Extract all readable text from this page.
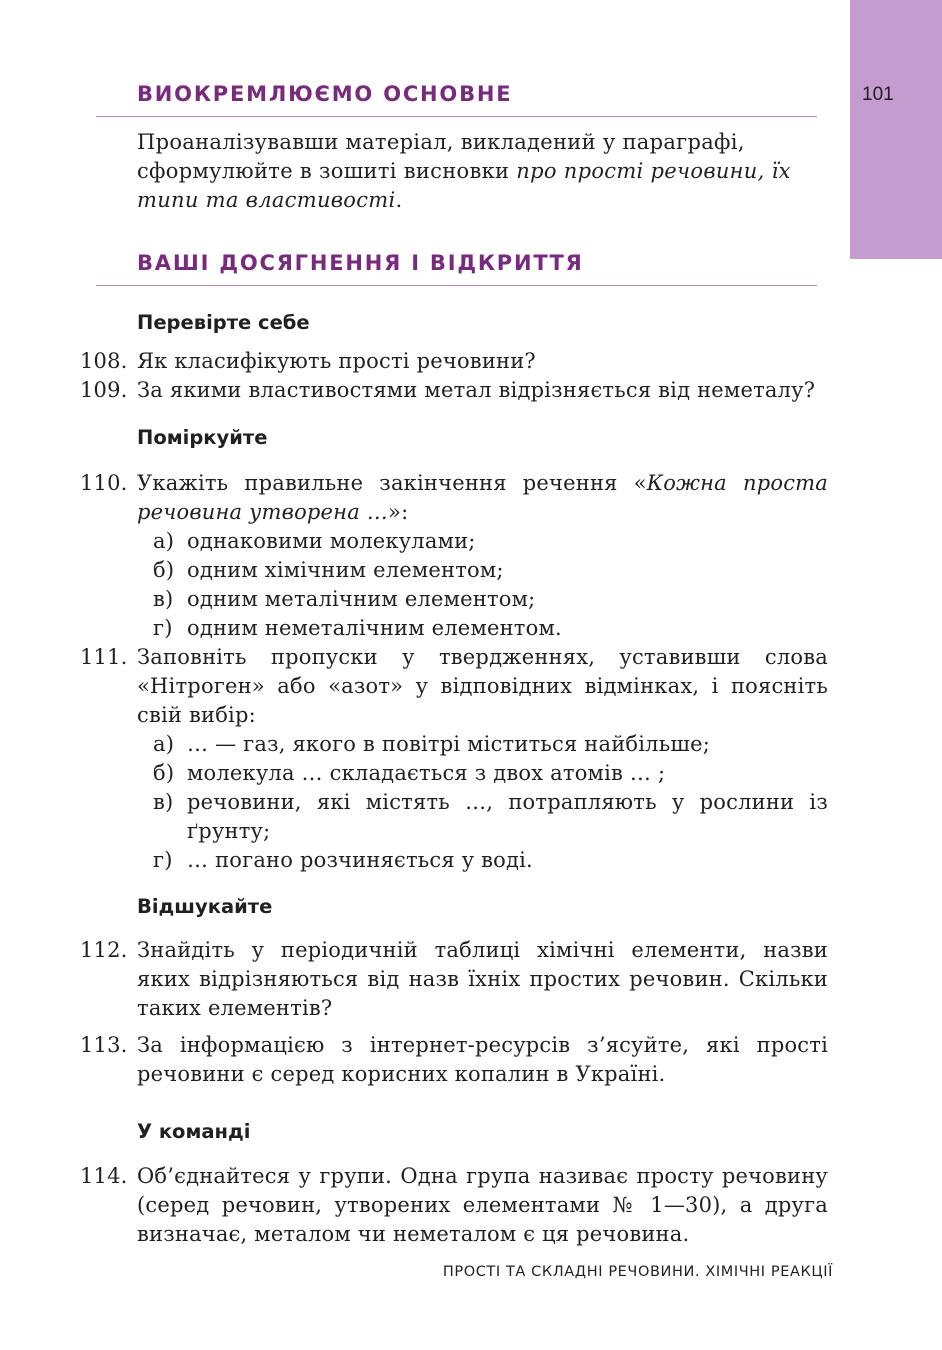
101
ВИОКРЕМЛЮЄМО ОСНОВНЕ

Проаналізувавши матеріал, викладений у параграфі, сформулюйте в зошиті висновки про прості речовини, їх типи та властивості.

ВАШІ ДОСЯГНЕННЯ І ВІДКРИТТЯ
Перевірте себе
108. Як класифікують прості речовини?
109. За якими властивостями метал відрізняється від неметалу?
Поміркуйте
110. Укажіть правильне закінчення речення «Кожна проста речовина утворена …»:
а) однаковими молекулами;
б) одним хімічним елементом;
в) одним металічним елементом;
г) одним неметалічним елементом.
111. Заповніть пропуски у твердженнях, уставивши слова «Нітроген» або «азот» у відповідних відмінках, і поясніть свій вибір:
а) … — газ, якого в повітрі міститься найбільше;
б) молекула … складається з двох атомів … ;
в) речовини, які містять …, потрапляють у рослини із ґрунту;
г) … погано розчиняється у воді.
Відшукайте
112. Знайдіть у періодичній таблиці хімічні елементи, назви яких відрізняються від назв їхніх простих речовин. Скільки таких елементів?
113. За інформацією з інтернет-ресурсів з’ясуйте, які прості речовини є серед корисних копалин в Україні.
У команді
114. Об’єднайтеся у групи. Одна група називає просту речовину (серед речовин, утворених елементами № 1—30), а друга визначає, металом чи неметалом є ця речовина.
ПРОСТІ ТА СКЛАДНІ РЕЧОВИНИ. ХІМІЧНІ РЕАКЦІЇ
